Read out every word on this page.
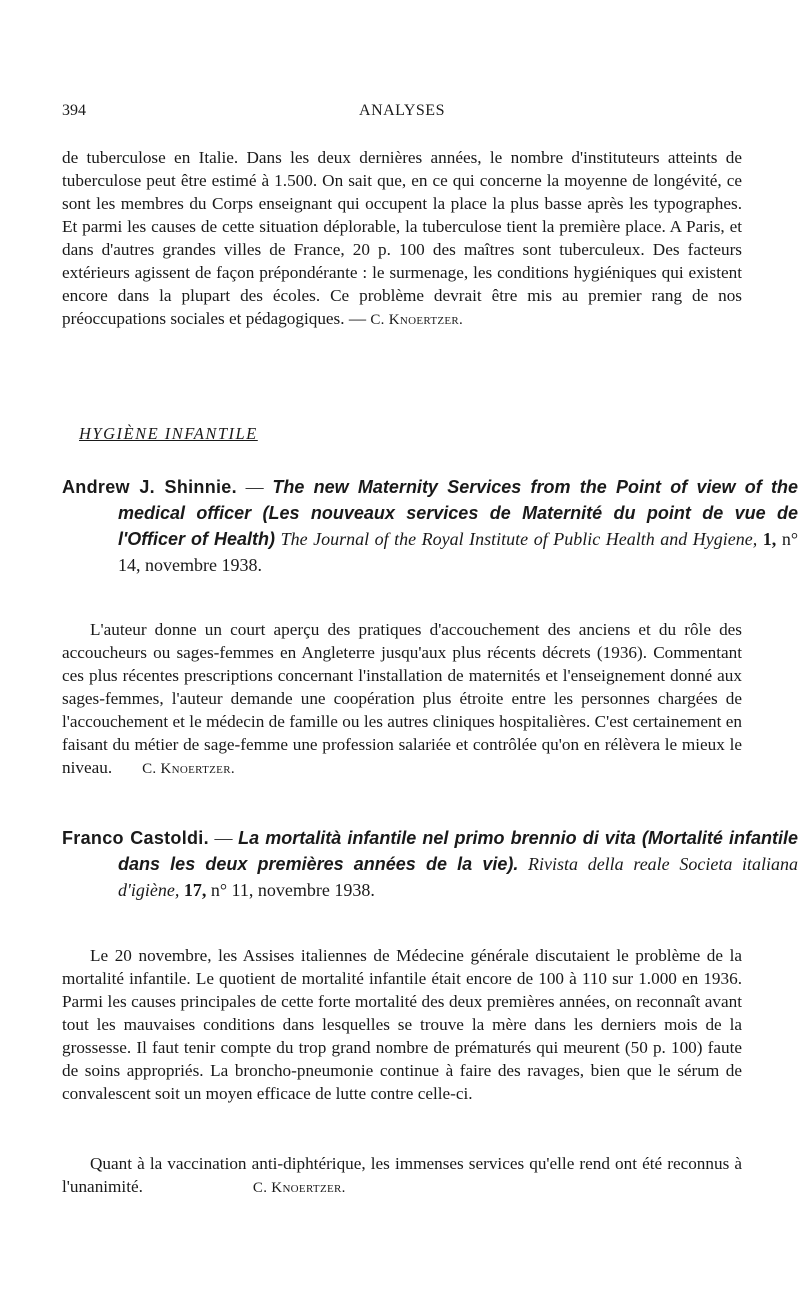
394	ANALYSES

de tuberculose en Italie. Dans les deux dernières années, le nombre d'instituteurs atteints de tuberculose peut être estimé à 1.500. On sait que, en ce qui concerne la moyenne de longévité, ce sont les membres du Corps enseignant qui occupent la place la plus basse après les typographes. Et parmi les causes de cette situation déplorable, la tuberculose tient la première place. A Paris, et dans d'autres grandes villes de France, 20 p. 100 des maîtres sont tuberculeux. Des facteurs extérieurs agissent de façon prépondérante : le surmenage, les conditions hygiéniques qui existent encore dans la plupart des écoles. Ce problème devrait être mis au premier rang de nos préoccupations sociales et pédagogiques. — C. Knoertzer.

HYGIÈNE INFANTILE

Andrew J. Shinnie. — The new Maternity Services from the Point of view of the medical officer (Les nouveaux services de Maternité du point de vue de l'Officer of Health) The Journal of the Royal Institute of Public Health and Hygiene, 1, n° 14, novembre 1938.

L'auteur donne un court aperçu des pratiques d'accouchement des anciens et du rôle des accoucheurs ou sages-femmes en Angleterre jusqu'aux plus récents décrets (1936). Commentant ces plus récentes prescriptions concernant l'installation de maternités et l'enseignement donné aux sages-femmes, l'auteur demande une coopération plus étroite entre les personnes chargées de l'accouchement et le médecin de famille ou les autres cliniques hospitalières. C'est certainement en faisant du métier de sage-femme une profession salariée et contrôlée qu'on en rélèvera le mieux le niveau. C. Knoertzer.

Franco Castoldi. — La mortalità infantile nel primo brennio di vita (Mortalité infantile dans les deux premières années de la vie). Rivista della reale Societa italiana d'igiène, 17, n° 11, novembre 1938.

Le 20 novembre, les Assises italiennes de Médecine générale discutaient le problème de la mortalité infantile. Le quotient de mortalité infantile était encore de 100 à 110 sur 1.000 en 1936. Parmi les causes principales de cette forte mortalité des deux premières années, on reconnaît avant tout les mauvaises conditions dans lesquelles se trouve la mère dans les derniers mois de la grossesse. Il faut tenir compte du trop grand nombre de prématurés qui meurent (50 p. 100) faute de soins appropriés. La broncho-pneumonie continue à faire des ravages, bien que le sérum de convalescent soit un moyen efficace de lutte contre celle-ci.

Quant à la vaccination anti-diphtérique, les immenses services qu'elle rend ont été reconnus à l'unanimité.	C. Knoertzer.
